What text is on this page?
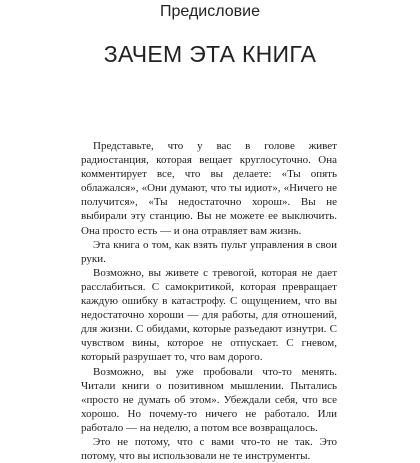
Предисловие
ЗАЧЕМ ЭТА КНИГА

Представьте, что у вас в голове живет радиостанция, которая вещает круглосуточно. Она комментирует все, что вы делаете: «Ты опять облажался», «Они думают, что ты идиот», «Ничего не получится», «Ты недостаточно хорош». Вы не выбирали эту станцию. Вы не можете ее выключить. Она просто есть — и она отравляет вам жизнь.

Эта книга о том, как взять пульт управления в свои руки.

Возможно, вы живете с тревогой, которая не дает расслабиться. С самокритикой, которая превращает каждую ошибку в катастрофу. С ощущением, что вы недостаточно хороши — для работы, для отношений, для жизни. С обидами, которые разъедают изнутри. С чувством вины, которое не отпускает. С гневом, который разрушает то, что вам дорого.

Возможно, вы уже пробовали что-то менять. Читали книги о позитивном мышлении. Пытались «просто не думать об этом». Убеждали себя, что все хорошо. Но почему-то ничего не работало. Или работало — на неделю, а потом все возвращалось.

Это не потому, что с вами что-то не так. Это потому, что вы использовали не те инструменты.
